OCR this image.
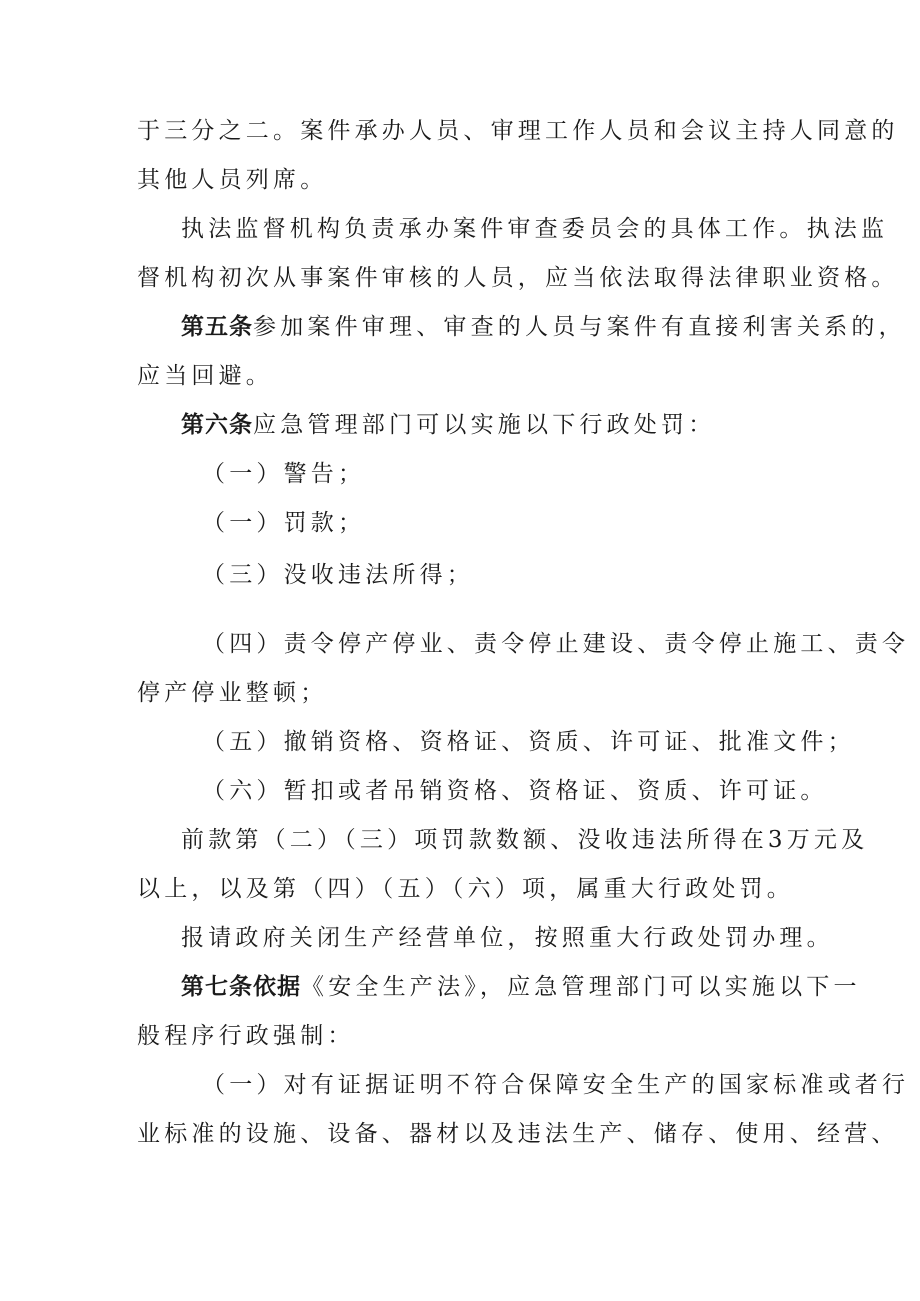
于三分之二。案件承办人员、审理工作人员和会议主持人同意的
其他人员列席。
执法监督机构负责承办案件审查委员会的具体工作。执法监
督机构初次从事案件审核的人员，应当依法取得法律职业资格。
第五条参加案件审理、审查的人员与案件有直接利害关系的，
应当回避。
第六条应急管理部门可以实施以下行政处罚：
（一）警告；
（一）罚款；
（三）没收违法所得；
（四）责令停产停业、责令停止建设、责令停止施工、责令
停产停业整顿；
（五）撤销资格、资格证、资质、许可证、批准文件；
（六）暂扣或者吊销资格、资格证、资质、许可证。
前款第（二）（三）项罚款数额、没收违法所得在3万元及
以上，以及第（四）（五）（六）项，属重大行政处罚。
报请政府关闭生产经营单位，按照重大行政处罚办理。
第七条依据《安全生产法》，应急管理部门可以实施以下一
般程序行政强制：
（一）对有证据证明不符合保障安全生产的国家标准或者行
业标准的设施、设备、器材以及违法生产、储存、使用、经营、
